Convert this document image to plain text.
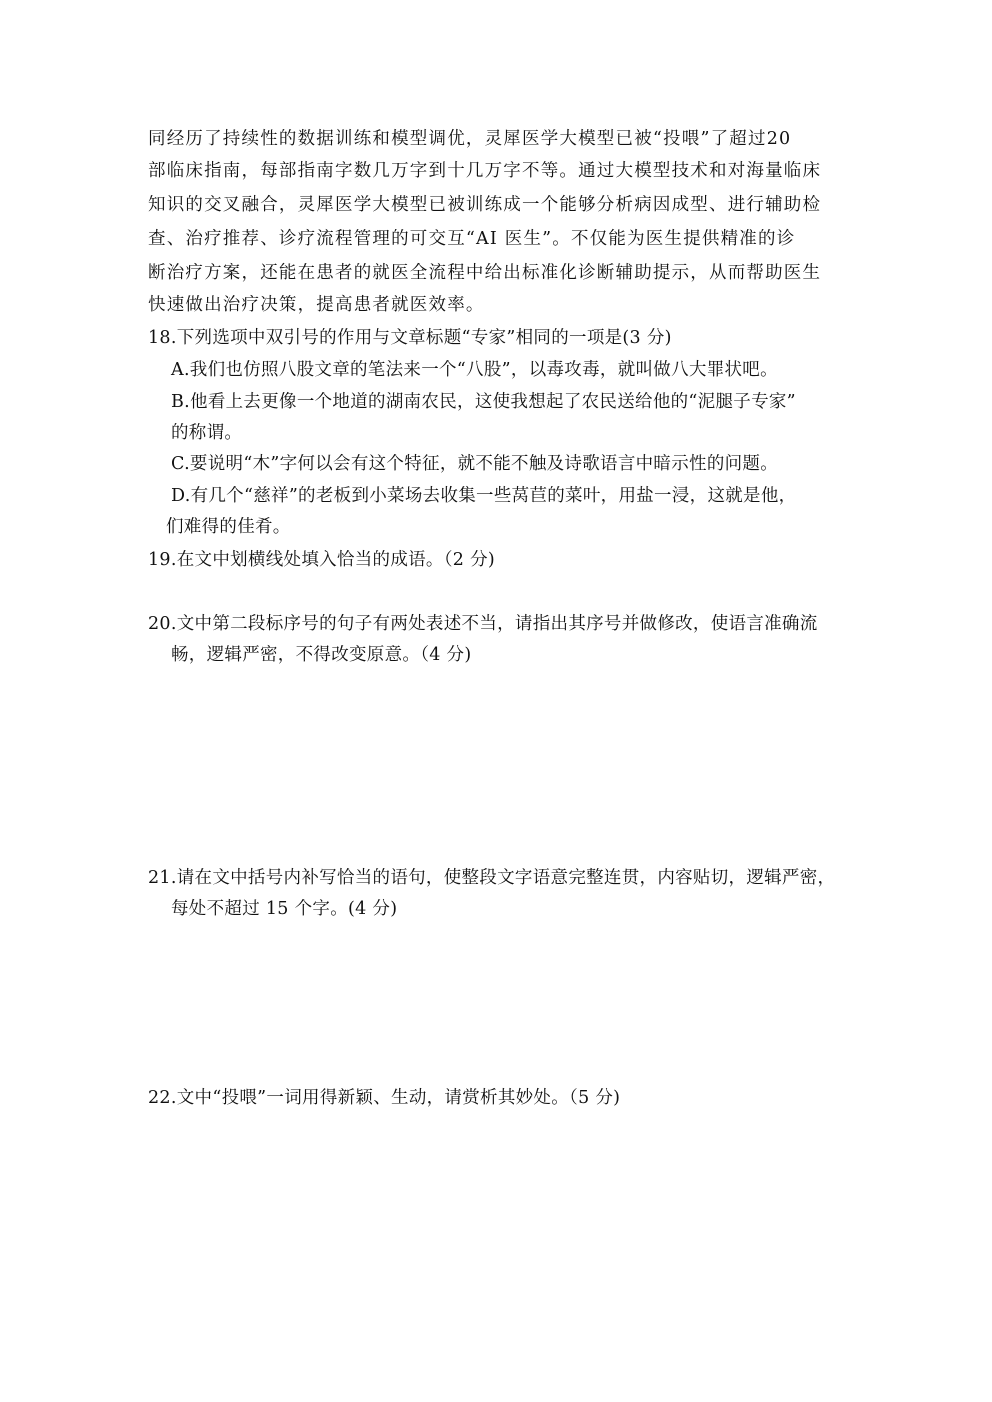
同经历了持续性的数据训练和模型调优，灵犀医学大模型已被“投喂”了超过20
部临床指南，每部指南字数几万字到十几万字不等。通过大模型技术和对海量临床
知识的交叉融合，灵犀医学大模型已被训练成一个能够分析病因成型、进行辅助检
查、治疗推荐、诊疗流程管理的可交互“AI 医生”。不仅能为医生提供精准的诊
断治疗方案，还能在患者的就医全流程中给出标准化诊断辅助提示，从而帮助医生
快速做出治疗决策，提高患者就医效率。
18.下列选项中双引号的作用与文章标题“专家”相同的一项是(3 分)
A.我们也仿照八股文章的笔法来一个“八股”，以毒攻毒，就叫做八大罪状吧。
B.他看上去更像一个地道的湖南农民，这使我想起了农民送给他的“泥腿子专家”
的称谓。
C.要说明“木”字何以会有这个特征，就不能不触及诗歌语言中暗示性的问题。
D.有几个“慈祥”的老板到小菜场去收集一些莴苣的菜叶，用盐一浸，这就是他，
们难得的佳肴。
19.在文中划横线处填入恰当的成语。（2 分)
20.文中第二段标序号的句子有两处表述不当，请指出其序号并做修改，使语言准确流
畅，逻辑严密，不得改变原意。（4 分)
21.请在文中括号内补写恰当的语句，使整段文字语意完整连贯，内容贴切，逻辑严密，
每处不超过 15 个字。(4 分)
22.文中“投喂”一词用得新颖、生动，请赏析其妙处。（5 分)
